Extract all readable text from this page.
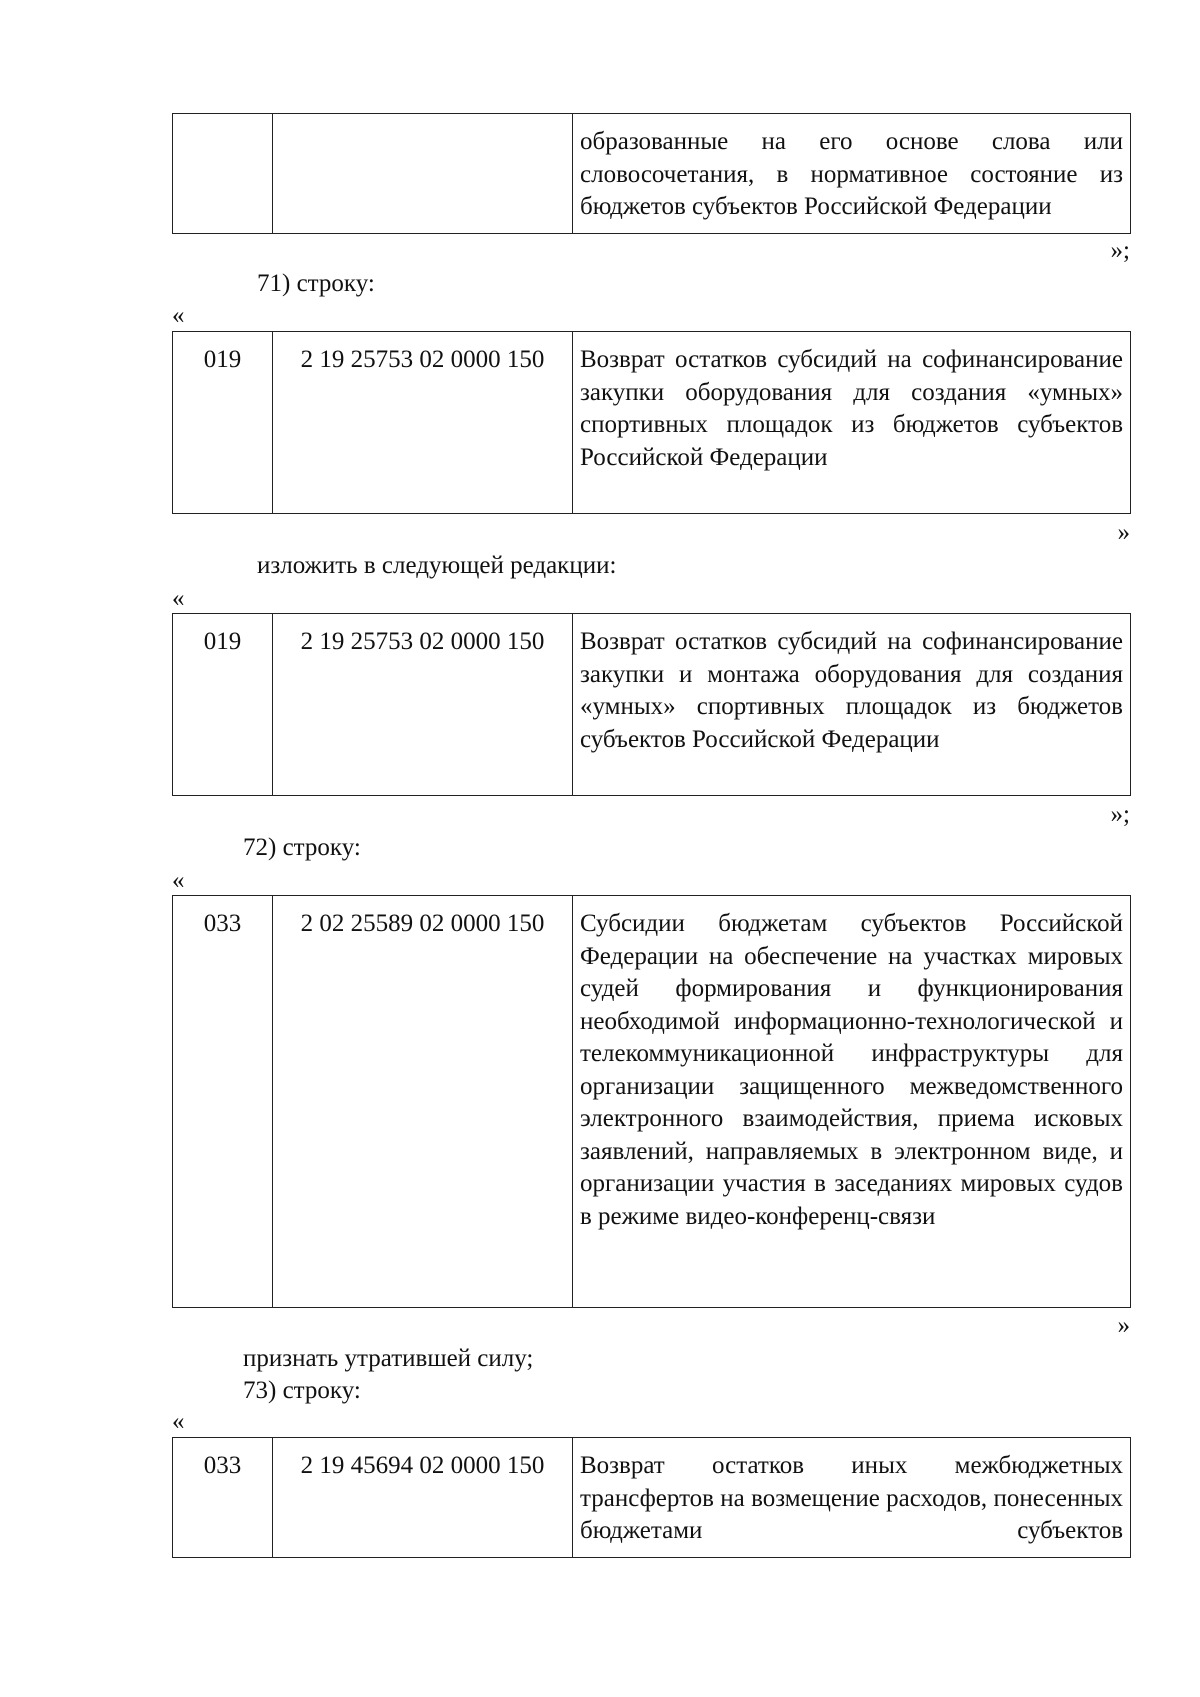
		образованные на его основе слова или словосочетания, в нормативное состояние из бюджетов субъектов Российской Федерации
»;
71) строку:
«
019	2 19 25753 02 0000 150	Возврат остатков субсидий на софинансирование закупки оборудования для создания «умных» спортивных площадок из бюджетов субъектов Российской Федерации
»
изложить в следующей редакции:
«
019	2 19 25753 02 0000 150	Возврат остатков субсидий на софинансирование закупки и монтажа оборудования для создания «умных» спортивных площадок из бюджетов субъектов Российской Федерации
»;
72) строку:
«
033	2 02 25589 02 0000 150	Субсидии бюджетам субъектов Российской Федерации на обеспечение на участках мировых судей формирования и функционирования необходимой информационно-технологической и телекоммуникационной инфраструктуры для организации защищенного межведомственного электронного взаимодействия, приема исковых заявлений, направляемых в электронном виде, и организации участия в заседаниях мировых судов в режиме видео-конференц-связи
»
признать утратившей силу;
73) строку:
«
033	2 19 45694 02 0000 150	Возврат остатков иных межбюджетных трансфертов на возмещение расходов, понесенных бюджетами субъектов
